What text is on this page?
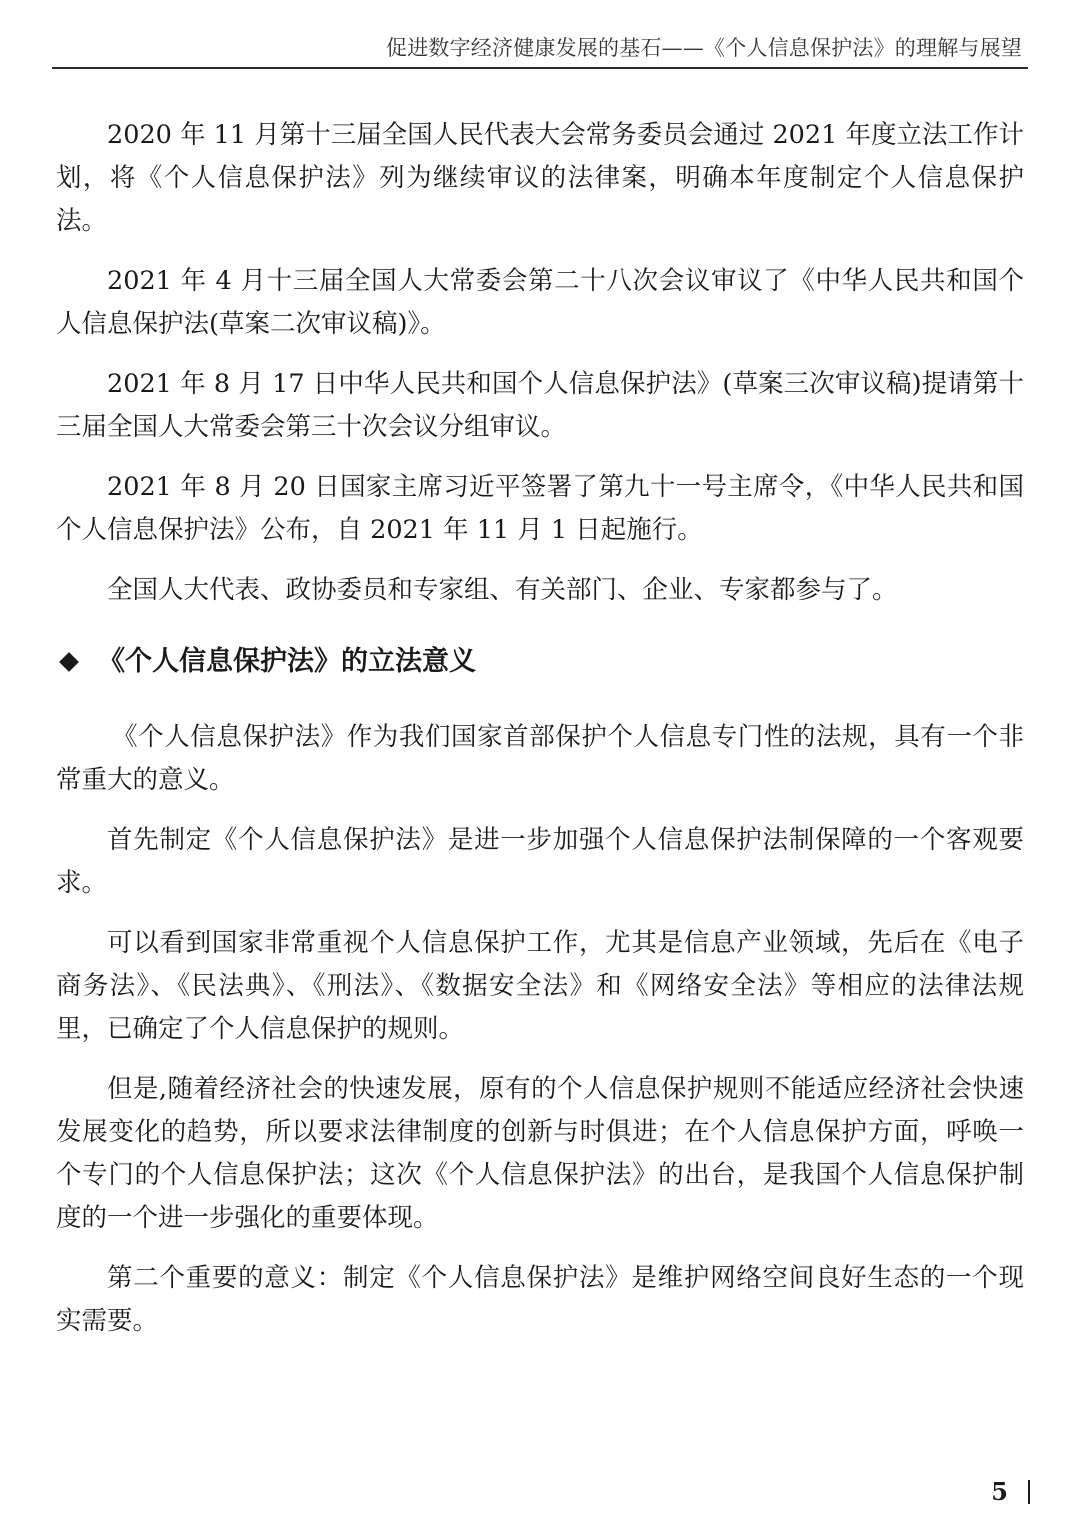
促进数字经济健康发展的基石——《个人信息保护法》的理解与展望

2020 年 11 月第十三届全国人民代表大会常务委员会通过 2021 年度立法工作计划，将《个人信息保护法》列为继续审议的法律案，明确本年度制定个人信息保护法。

2021 年 4 月十三届全国人大常委会第二十八次会议审议了《中华人民共和国个人信息保护法(草案二次审议稿)》。

2021 年 8 月 17 日中华人民共和国个人信息保护法》(草案三次审议稿)提请第十三届全国人大常委会第三十次会议分组审议。

2021 年 8 月 20 日国家主席习近平签署了第九十一号主席令，《中华人民共和国个人信息保护法》公布，自 2021 年 11 月 1 日起施行。

全国人大代表、政协委员和专家组、有关部门、企业、专家都参与了。

《个人信息保护法》的立法意义

《个人信息保护法》作为我们国家首部保护个人信息专门性的法规，具有一个非常重大的意义。

首先制定《个人信息保护法》是进一步加强个人信息保护法制保障的一个客观要求。

可以看到国家非常重视个人信息保护工作，尤其是信息产业领域，先后在《电子商务法》、《民法典》、《刑法》、《数据安全法》和《网络安全法》等相应的法律法规里，已确定了个人信息保护的规则。

但是,随着经济社会的快速发展，原有的个人信息保护规则不能适应经济社会快速发展变化的趋势，所以要求法律制度的创新与时俱进；在个人信息保护方面，呼唤一个专门的个人信息保护法；这次《个人信息保护法》的出台，是我国个人信息保护制度的一个进一步强化的重要体现。

第二个重要的意义：制定《个人信息保护法》是维护网络空间良好生态的一个现实需要。

5
